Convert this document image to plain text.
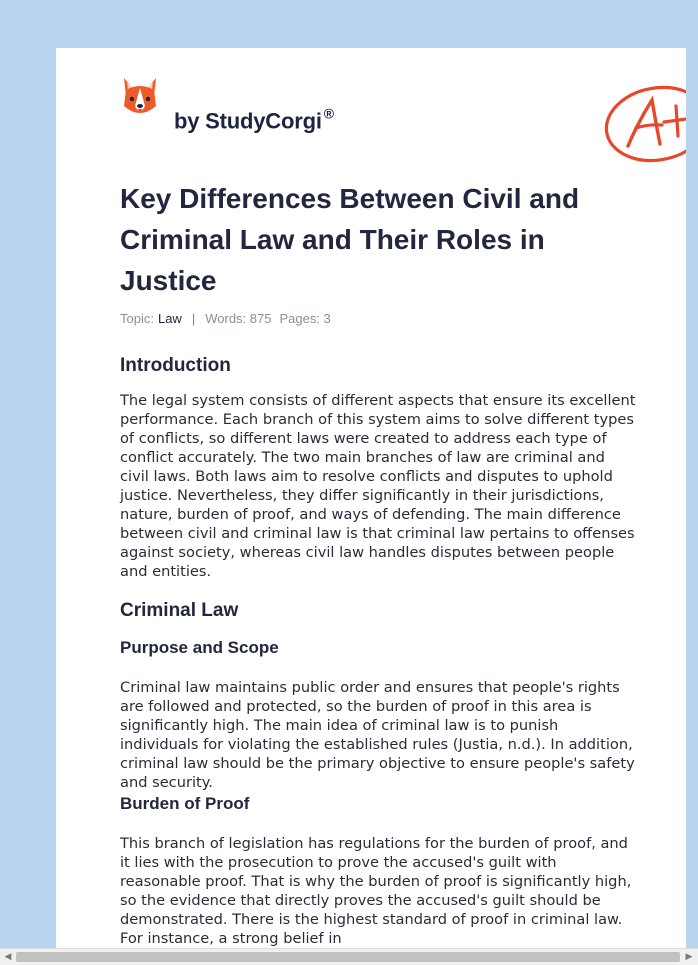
by StudyCorgi ®
Key Differences Between Civil and Criminal Law and Their Roles in Justice
Topic: Law | Words: 875 Pages: 3
Introduction

The legal system consists of different aspects that ensure its excellent performance. Each branch of this system aims to solve different types of conflicts, so different laws were created to address each type of conflict accurately. The two main branches of law are criminal and civil laws. Both laws aim to resolve conflicts and disputes to uphold justice. Nevertheless, they differ significantly in their jurisdictions, nature, burden of proof, and ways of defending. The main difference between civil and criminal law is that criminal law pertains to offenses against society, whereas civil law handles disputes between people and entities.

Criminal Law
Purpose and Scope

Criminal law maintains public order and ensures that people's rights are followed and protected, so the burden of proof in this area is significantly high. The main idea of criminal law is to punish individuals for violating the established rules (Justia, n.d.). In addition, criminal law should be the primary objective to ensure people's safety and security.

Burden of Proof

This branch of legislation has regulations for the burden of proof, and it lies with the prosecution to prove the accused's guilt with reasonable proof. That is why the burden of proof is significantly high, so the evidence that directly proves the accused's guilt should be demonstrated. There is the highest standard of proof in criminal law. For instance, a strong belief in

◀	▶
